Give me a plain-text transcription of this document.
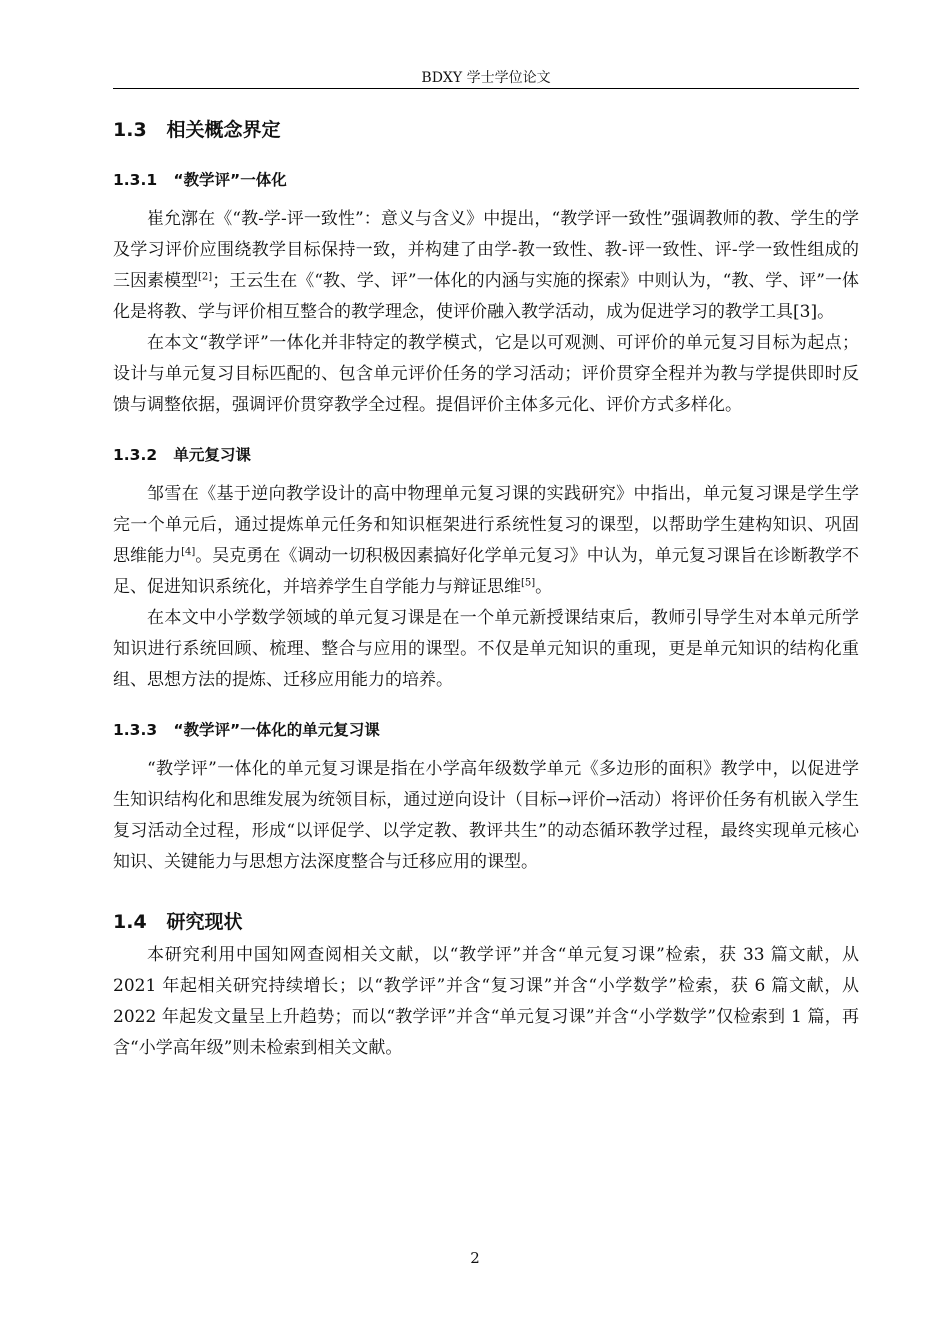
BDXY 学士学位论文
1.3 相关概念界定
1.3.1 “教学评”一体化

崔允漷在《“教-学-评一致性”：意义与含义》中提出，“教学评一致性”强调教师的教、学生的学及学习评价应围绕教学目标保持一致，并构建了由学-教一致性、教-评一致性、评-学一致性组成的三因素模型[2]；王云生在《“教、学、评”一体化的内涵与实施的探索》中则认为，“教、学、评”一体化是将教、学与评价相互整合的教学理念，使评价融入教学活动，成为促进学习的教学工具[3]。

在本文“教学评”一体化并非特定的教学模式，它是以可观测、可评价的单元复习目标为起点；设计与单元复习目标匹配的、包含单元评价任务的学习活动；评价贯穿全程并为教与学提供即时反馈与调整依据，强调评价贯穿教学全过程。提倡评价主体多元化、评价方式多样化。

1.3.2 单元复习课

邹雪在《基于逆向教学设计的高中物理单元复习课的实践研究》中指出，单元复习课是学生学完一个单元后，通过提炼单元任务和知识框架进行系统性复习的课型，以帮助学生建构知识、巩固思维能力[4]。吴克勇在《调动一切积极因素搞好化学单元复习》中认为，单元复习课旨在诊断教学不足、促进知识系统化，并培养学生自学能力与辩证思维[5]。

在本文中小学数学领域的单元复习课是在一个单元新授课结束后，教师引导学生对本单元所学知识进行系统回顾、梳理、整合与应用的课型。不仅是单元知识的重现，更是单元知识的结构化重组、思想方法的提炼、迁移应用能力的培养。

1.3.3 “教学评”一体化的单元复习课

“教学评”一体化的单元复习课是指在小学高年级数学单元《多边形的面积》教学中，以促进学生知识结构化和思维发展为统领目标，通过逆向设计（目标→评价→活动）将评价任务有机嵌入学生复习活动全过程，形成“以评促学、以学定教、教评共生”的动态循环教学过程，最终实现单元核心知识、关键能力与思想方法深度整合与迁移应用的课型。

1.4 研究现状

本研究利用中国知网查阅相关文献，以“教学评”并含“单元复习课”检索，获 33 篇文献，从 2021 年起相关研究持续增长；以“教学评”并含“复习课”并含“小学数学”检索，获 6 篇文献，从 2022 年起发文量呈上升趋势；而以“教学评”并含“单元复习课”并含“小学数学”仅检索到 1 篇，再含“小学高年级”则未检索到相关文献。

2
